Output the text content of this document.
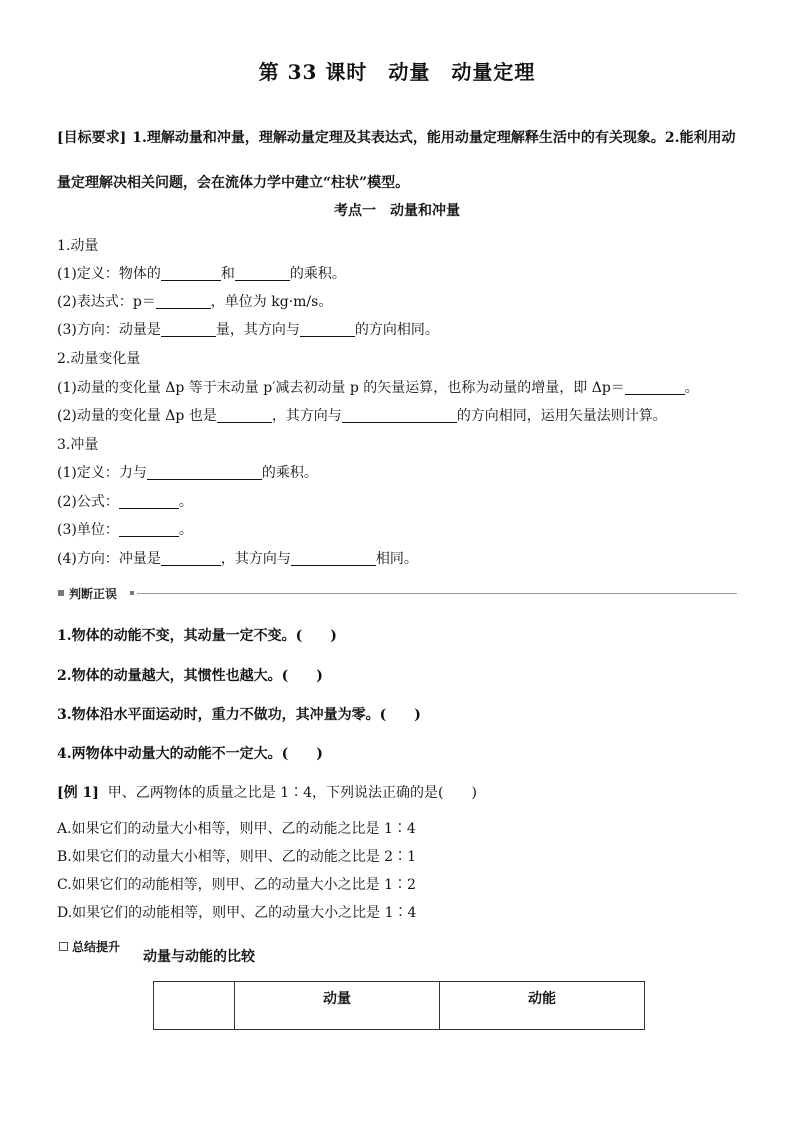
第 33 课时　动量　动量定理
[目标要求] 1.理解动量和冲量，理解动量定理及其表达式，能用动量定理解释生活中的有关现象。2.能利用动量定理解决相关问题，会在流体力学中建立“柱状”模型。
考点一　动量和冲量
1.动量
(1)定义：物体的	和	的乘积。
(2)表达式：p＝	，单位为 kg·m/s。
(3)方向：动量是	量，其方向与	的方向相同。
2.动量变化量
(1)动量的变化量 Δp 等于末动量 p′减去初动量 p 的矢量运算，也称为动量的增量，即 Δp＝	。
(2)动量的变化量 Δp 也是	，其方向与	的方向相同，运用矢量法则计算。
3.冲量
(1)定义：力与	的乘积。
(2)公式：	。
(3)单位：	。
(4)方向：冲量是	，其方向与	相同。
判断正误
1.物体的动能不变，其动量一定不变。(　　)
2.物体的动量越大，其惯性也越大。(　　)
3.物体沿水平面运动时，重力不做功，其冲量为零。(　　)
4.两物体中动量大的动能不一定大。(　　)
[例 1] 甲、乙两物体的质量之比是 1∶4，下列说法正确的是(　　)
A.如果它们的动量大小相等，则甲、乙的动能之比是 1∶4
B.如果它们的动量大小相等，则甲、乙的动能之比是 2∶1
C.如果它们的动能相等，则甲、乙的动量大小之比是 1∶2
D.如果它们的动能相等，则甲、乙的动量大小之比是 1∶4
总结提升
动量与动能的比较
	动量	动能
